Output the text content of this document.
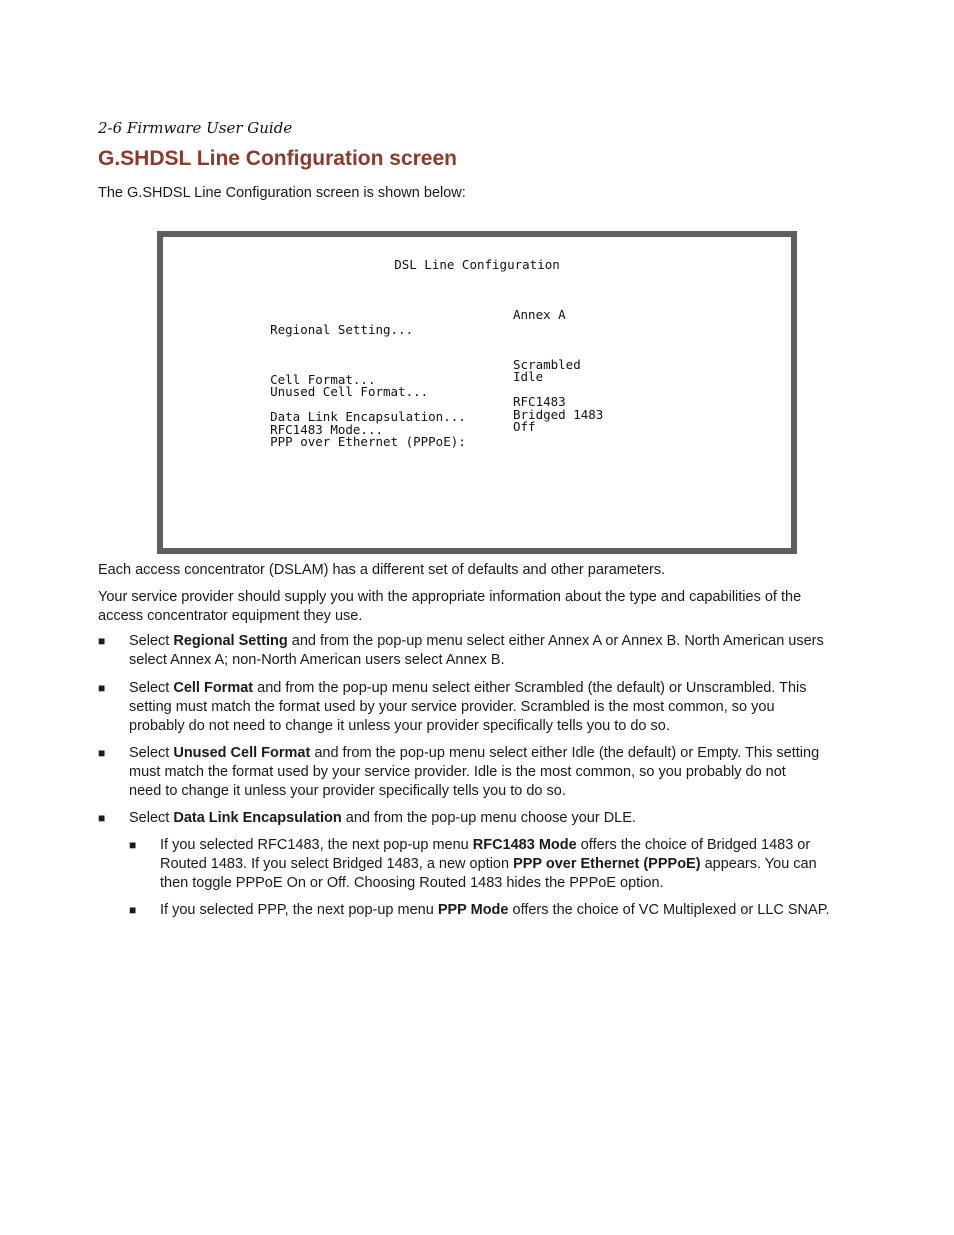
2-6 Firmware User Guide
G.SHDSL Line Configuration screen

The G.SHDSL Line Configuration screen is shown below:

DSL Line Configuration

Regional Setting...

Annex A

Cell Format...

Scrambled

Unused Cell Format...

Idle

Data Link Encapsulation...

RFC1483

RFC1483 Mode...

Bridged 1483

PPP over Ethernet (PPPoE):

Off

Each access concentrator (DSLAM) has a different set of defaults and other parameters.

Your service provider should supply you with the appropriate information about the type and capabilities of the
access concentrator equipment they use.
■ Select Regional Setting and from the pop-up menu select either Annex A or Annex B. North American users
select Annex A; non-North American users select Annex B.
■ Select Cell Format and from the pop-up menu select either Scrambled (the default) or Unscrambled. This
setting must match the format used by your service provider. Scrambled is the most common, so you
probably do not need to change it unless your provider specifically tells you to do so.
■ Select Unused Cell Format and from the pop-up menu select either Idle (the default) or Empty. This setting
must match the format used by your service provider. Idle is the most common, so you probably do not
need to change it unless your provider specifically tells you to do so.
■ Select Data Link Encapsulation and from the pop-up menu choose your DLE.
■ If you selected RFC1483, the next pop-up menu RFC1483 Mode offers the choice of Bridged 1483 or
Routed 1483. If you select Bridged 1483, a new option PPP over Ethernet (PPPoE) appears. You can
then toggle PPPoE On or Off. Choosing Routed 1483 hides the PPPoE option.
■ If you selected PPP, the next pop-up menu PPP Mode offers the choice of VC Multiplexed or LLC SNAP.
